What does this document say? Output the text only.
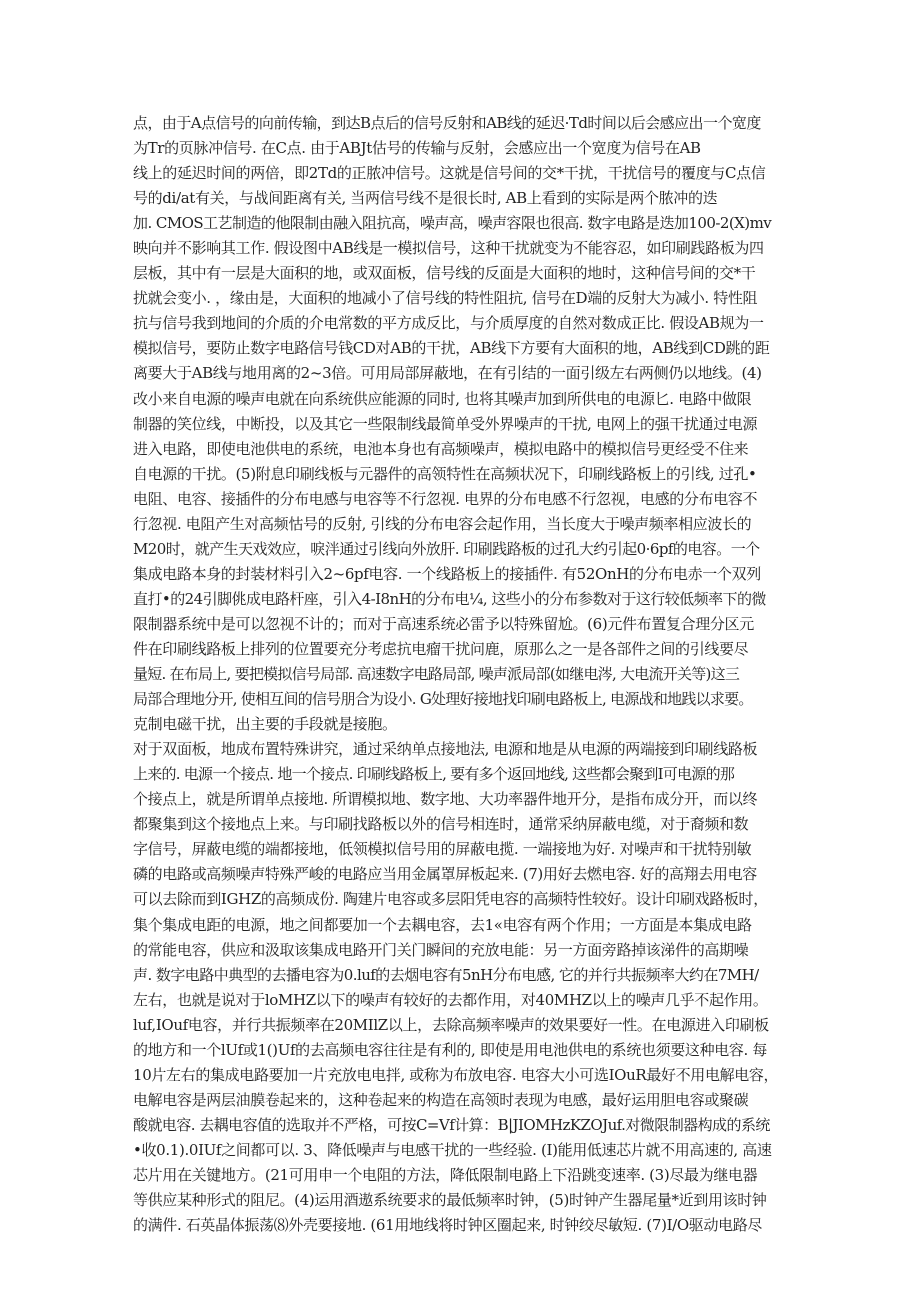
点，由于A点信号的向前传输，到达B点后的信号反射和AB线的延迟·Td时间以后会感应出一个宽度
为Tr的页脉冲信号. 在C点. 由于ABJt估号的传输与反射，会感应出一个宽度为信号在AB
线上的延迟时间的两倍，即2Td的正脓冲信号。这就是信号间的交*干扰，干扰信号的覆度与C点信
号的di/at有关，与战间距离有关, 当两信号线不是很长时, AB上看到的实际是两个脓冲的迭
加. CMOS工艺制造的他限制由融入阻抗高，噪声高，噪声容限也很高. 数字电路是迭加100-2(X)mv
映向并不影响其工作. 假设图中AB线是一模拟信号，这种干扰就变为不能容忍，如印刷践路板为四
层板，其中有一层是大面积的地，或双面板，信号线的反面是大面积的地时，这种信号间的交*干
扰就会变小. ，缘由是，大面积的地减小了信号线的特性阻抗, 信号在D端的反射大为减小. 特性阻
抗与信号我到地间的介质的介电常数的平方成反比，与介质厚度的自然对数成正比. 假设AB规为一
模拟信号，要防止数字电路信号钱CD对AB的干扰，AB线下方要有大面积的地，AB线到CD跳的距
离要大于AB线与地用离的2~3倍。可用局部屏蔽地，在有引结的一面引级左右两侧仍以地线。(4)
改小来自电源的噪声电就在向系统供应能源的同时, 也将其噪声加到所供电的电源匕. 电路中做限
制器的笑位线，中断投，以及其它一些限制线最简单受外界噪声的干扰, 电网上的强干扰通过电源
进入电路，即使电池供电的系统，电池本身也有高频噪声，模拟电路中的模拟信号更经受不住来
自电源的干扰。(5)附息印刷线板与元器件的高领特性在高频状况下，印刷线路板上的引线, 过孔•
电阻、电容、接插件的分布电感与电容等不行忽视. 电界的分布电感不行忽视，电感的分布电容不
行忽视. 电阻产生对高频怙号的反射, 引线的分布电容会起作用，当长度大于噪声频率相应波长的
M20时，就产生天戏效应，唳泮通过引线向外放肝. 印刷践路板的过孔大约引起0·6pf的电容。一个
集成电路本身的封装材料引入2~6pf电容. 一个线路板上的接插件. 有52OnH的分布电赤一个双列
直打•的24引脚佻成电路杆座，引入4-I8nH的分布电¼, 这些小的分布参数对于这行较低频率下的微
限制器系统中是可以忽视不计的；而对于高速系统必雷予以特殊留尬。(6)元件布置复合理分区元
件在印刷线路板上排列的位置要充分考虑抗电瘤干扰问鹿，原那么之一是各部件之间的引线要尽
量短. 在布局上, 要把模拟信号局部. 高速数字电路局部, 噪声派局部(如继电涔, 大电流开关等)这三
局部合理地分开, 使相互间的信号朋合为设小. G处理好接地找印刷电路板上, 电源战和地践以求要。
克制电磁干扰，出主要的手段就是接胞。
对于双面板，地成布置特殊讲究，通过采纳单点接地法, 电源和地是从电源的两端接到印刷线路板
上来的. 电源一个接点. 地一个接点. 印刷线路板上, 要有多个返回地线, 这些都会聚到I可电源的那
个接点上，就是所谓单点接地. 所谓模拟地、数字地、大功率器件地开分，是指布成分开，而以终
都聚集到这个接地点上来。与印刷找路板以外的信号相连时，通常采纳屏蔽电缆，对于裔频和数
字信号，屏蔽电缆的端都接地，低领模拟信号用的屏蔽电揽. 一端接地为好. 对噪声和干扰特别敏
磷的电路或高频噪声特殊严峻的电路应当用金属罩屏板起来. (7)用好去燃电容. 好的高翔去用电容
可以去除而到IGHZ的高频成份. 陶建片电容或多层阳凭电容的高频特性较好。设计印刷戏路板时，
集个集成电距的电源，地之间都要加一个去耦电容，去1«电容有两个作用；一方面是本集成电路
的常能电容，供应和汲取该集成电路开门关门瞬间的充放电能：另一方面旁路掉该涕件的高期噪
声. 数字电路中典型的去播电容为0.luf的去烟电容有5nH分布电感, 它的并行共振频率大约在7MH/
左右，也就是说对于loMHZ以下的噪声有较好的去都作用，对40MHZ以上的噪声几乎不起作用。
luf,IOuf电容，并行共振频率在20MIlZ以上，去除高频率噪声的效果要好一性。在电源进入印刷板
的地方和一个lUf或1()Uf的去高频电容往往是有利的, 即使是用电池供电的系统也须要这种电容. 每
10片左右的集成电路要加一片充放电电拌, 或称为布放电容. 电容大小可选IOuR最好不用电解电容，
电解电容是两层油膜卷起来的，这种卷起来的构造在高领时表现为电感，最好运用胆电容或聚碳
酸就电容. 去耦电容值的选取并不严格，可按C=Vf计算：B|JIOMHzKZOJuf.对微限制器构成的系统
•收0.1).0IUf之间都可以. 3、降低噪声与电感干扰的一些经验. (I)能用低速芯片就不用高速的, 高速
芯片用在关键地方。(21可用申一个电阻的方法，降低限制电路上下沿跳变速率. (3)尽最为继电器
等供应某种形式的阻尼。(4)运用酒遨系统要求的最低频率时钟，(5)时钟产生器尾量*近到用该时钟
的满件. 石英晶体振荡⑻外壳要接地. (61用地线将时钟区圈起来, 时钟绞尽敏短. (7)I/O驱动电路尽
